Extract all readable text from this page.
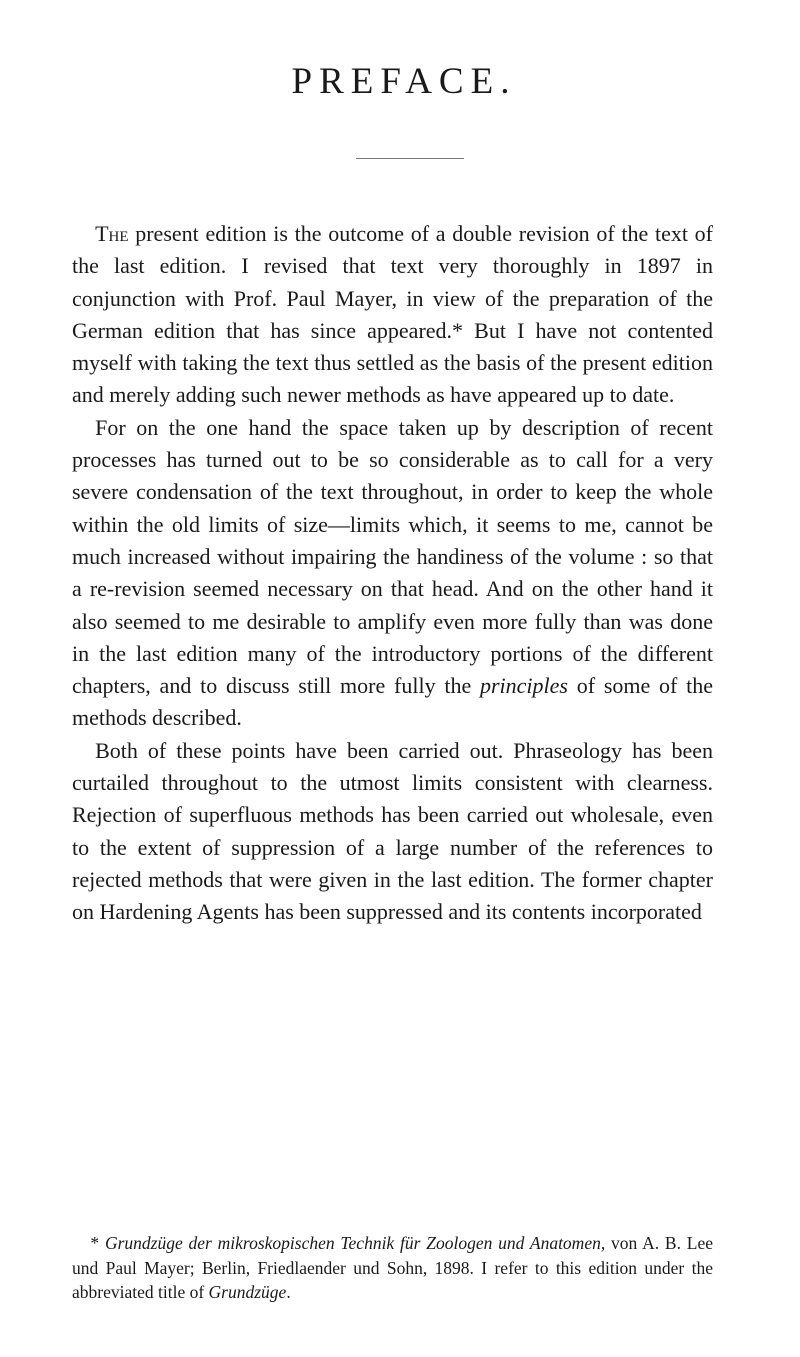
PREFACE.

The present edition is the outcome of a double revision of the text of the last edition. I revised that text very thoroughly in 1897 in conjunction with Prof. Paul Mayer, in view of the preparation of the German edition that has since appeared.* But I have not contented myself with taking the text thus settled as the basis of the present edition and merely adding such newer methods as have appeared up to date.

For on the one hand the space taken up by description of recent processes has turned out to be so considerable as to call for a very severe condensation of the text throughout, in order to keep the whole within the old limits of size—limits which, it seems to me, cannot be much increased without impairing the handiness of the volume : so that a re-revision seemed necessary on that head. And on the other hand it also seemed to me desirable to amplify even more fully than was done in the last edition many of the introductory portions of the different chapters, and to discuss still more fully the principles of some of the methods described.

Both of these points have been carried out. Phraseology has been curtailed throughout to the utmost limits consistent with clearness. Rejection of superfluous methods has been carried out wholesale, even to the extent of suppression of a large number of the references to rejected methods that were given in the last edition. The former chapter on Hardening Agents has been suppressed and its contents incorporated

* Grundzüge der mikroskopischen Technik für Zoologen und Anatomen, von A. B. Lee und Paul Mayer; Berlin, Friedlaender und Sohn, 1898. I refer to this edition under the abbreviated title of Grundzüge.
